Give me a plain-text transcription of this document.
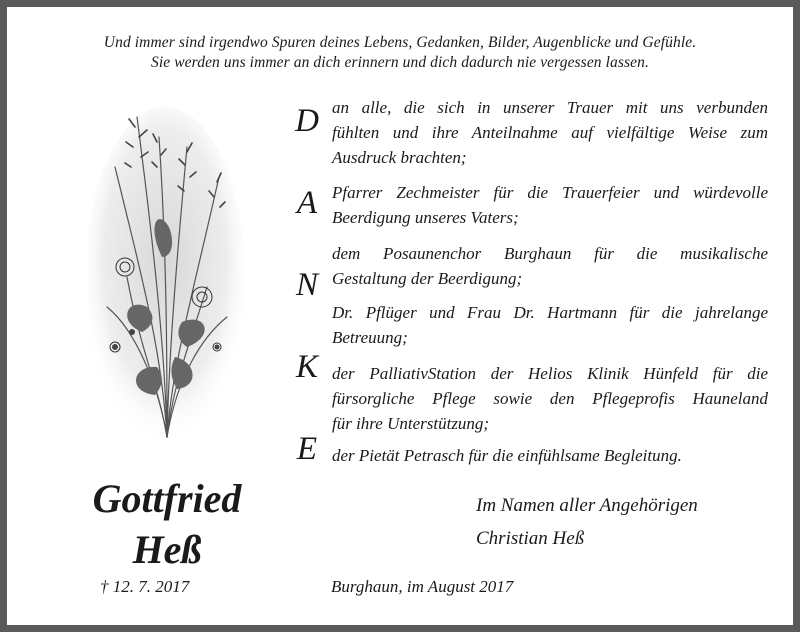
Und immer sind irgendwo Spuren deines Lebens, Gedanken, Bilder, Augenblicke und Gefühle.
Sie werden uns immer an dich erinnern und dich dadurch nie vergessen lassen.
Gottfried
Heß
† 12. 7. 2017
D
A
N
K
E
an alle, die sich in unserer Trauer mit uns verbunden
fühlten und ihre Anteilnahme auf vielfältige Weise zum
Ausdruck brachten;
Pfarrer Zechmeister für die Trauerfeier und würdevolle
Beerdigung unseres Vaters;
dem Posaunenchor Burghaun für die musikalische
Gestaltung der Beerdigung;
Dr. Pflüger und Frau Dr. Hartmann für die jahrelange
Betreuung;
der PalliativStation der Helios Klinik Hünfeld für die
fürsorgliche Pflege sowie den Pflegeprofis Hauneland
für ihre Unterstützung;
der Pietät Petrasch für die einfühlsame Begleitung.
Im Namen aller Angehörigen
Christian Heß
Burghaun, im August 2017
